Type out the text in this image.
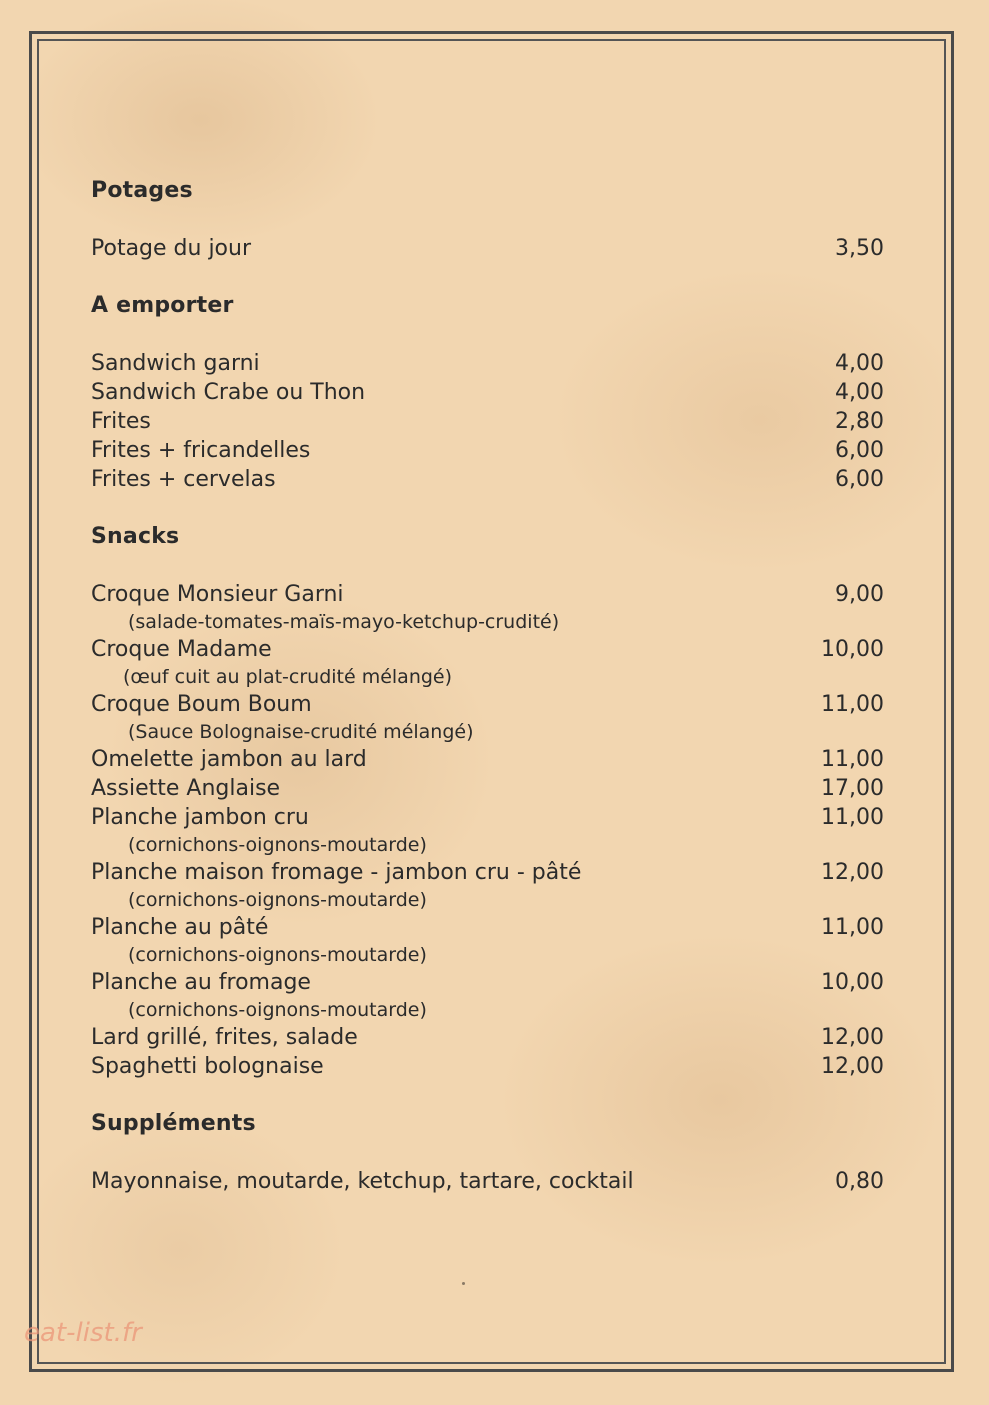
Potages
Potage du jour	3,50
A emporter
Sandwich garni	4,00
Sandwich Crabe ou Thon	4,00
Frites	2,80
Frites + fricandelles	6,00
Frites + cervelas	6,00
Snacks
Croque Monsieur Garni	9,00
(salade-tomates-maïs-mayo-ketchup-crudité)
Croque Madame	10,00
(œuf cuit au plat-crudité mélangé)
Croque Boum Boum	11,00
(Sauce Bolognaise-crudité mélangé)
Omelette jambon au lard	11,00
Assiette Anglaise	17,00
Planche jambon cru	11,00
(cornichons-oignons-moutarde)
Planche maison fromage - jambon cru - pâté	12,00
(cornichons-oignons-moutarde)
Planche au pâté	11,00
(cornichons-oignons-moutarde)
Planche au fromage	10,00
(cornichons-oignons-moutarde)
Lard grillé, frites, salade	12,00
Spaghetti bolognaise	12,00
Suppléments
Mayonnaise, moutarde, ketchup, tartare, cocktail	0,80
eat-list.fr
